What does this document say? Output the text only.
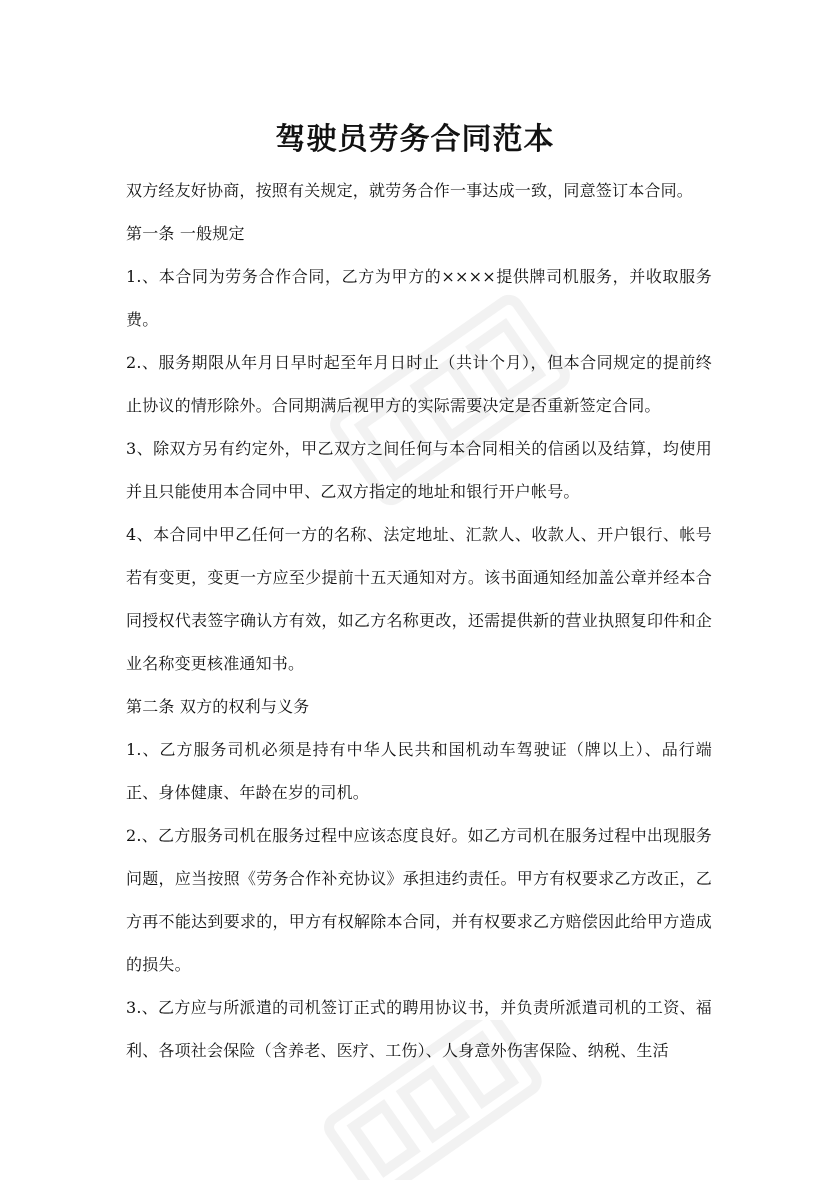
驾驶员劳务合同范本

双方经友好协商，按照有关规定，就劳务合作一事达成一致，同意签订本合同。

第一条 一般规定

1.、本合同为劳务合作合同，乙方为甲方的××××提供牌司机服务，并收取服务费。

2.、服务期限从年月日早时起至年月日时止（共计个月），但本合同规定的提前终止协议的情形除外。合同期满后视甲方的实际需要决定是否重新签定合同。

3、除双方另有约定外，甲乙双方之间任何与本合同相关的信函以及结算，均使用并且只能使用本合同中甲、乙双方指定的地址和银行开户帐号。

4、本合同中甲乙任何一方的名称、法定地址、汇款人、收款人、开户银行、帐号若有变更，变更一方应至少提前十五天通知对方。该书面通知经加盖公章并经本合同授权代表签字确认方有效，如乙方名称更改，还需提供新的营业执照复印件和企业名称变更核准通知书。

第二条 双方的权利与义务

1.、乙方服务司机必须是持有中华人民共和国机动车驾驶证（牌以上）、品行端正、身体健康、年龄在岁的司机。

2.、乙方服务司机在服务过程中应该态度良好。如乙方司机在服务过程中出现服务问题，应当按照《劳务合作补充协议》承担违约责任。甲方有权要求乙方改正，乙方再不能达到要求的，甲方有权解除本合同，并有权要求乙方赔偿因此给甲方造成的损失。

3.、乙方应与所派遣的司机签订正式的聘用协议书，并负责所派遣司机的工资、福利、各项社会保险（含养老、医疗、工伤）、人身意外伤害保险、纳税、生活
